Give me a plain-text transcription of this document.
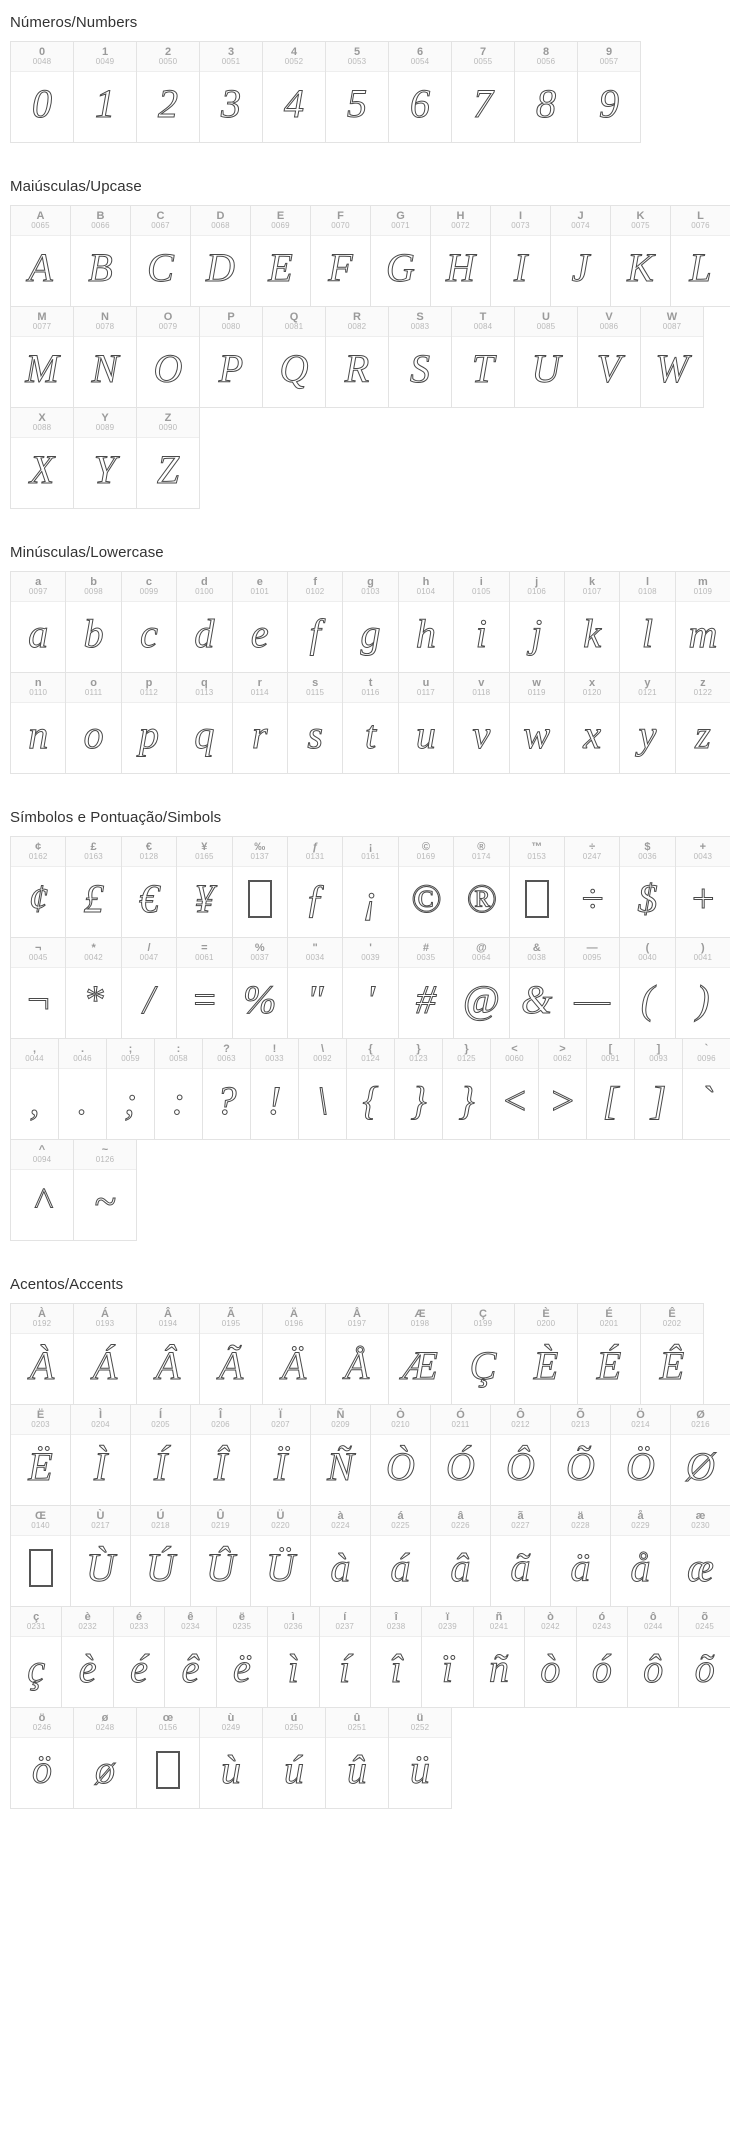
Números/Numbers
0
0048
0
1
0049
1
2
0050
2
3
0051
3
4
0052
4
5
0053
5
6
0054
6
7
0055
7
8
0056
8
9
0057
9
Maiúsculas/Upcase
A
0065
A
B
0066
B
C
0067
C
D
0068
D
E
0069
E
F
0070
F
G
0071
G
H
0072
H
I
0073
I
J
0074
J
K
0075
K
L
0076
L
M
0077
M
N
0078
N
O
0079
O
P
0080
P
Q
0081
Q
R
0082
R
S
0083
S
T
0084
T
U
0085
U
V
0086
V
W
0087
W
X
0088
X
Y
0089
Y
Z
0090
Z
Minúsculas/Lowercase
a
0097
a
b
0098
b
c
0099
c
d
0100
d
e
0101
e
f
0102
f
g
0103
g
h
0104
h
i
0105
i
j
0106
j
k
0107
k
l
0108
l
m
0109
m
n
0110
n
o
0111
o
p
0112
p
q
0113
q
r
0114
r
s
0115
s
t
0116
t
u
0117
u
v
0118
v
w
0119
w
x
0120
x
y
0121
y
z
0122
z
Símbolos e Pontuação/Simbols
¢
0162
¢
£
0163
£
€
0128
€
¥
0165
¥
‰
0137
ƒ
0131
ƒ
¡
0161
¡
©
0169
©
®
0174
®
™
0153
÷
0247
÷
$
0036
$
+
0043
+
¬
0045
¬
*
0042
*
/
0047
/
=
0061
=
%
0037
%
"
0034
"
'
0039
'
#
0035
#
@
0064
@
&
0038
&
—
0095
—
(
0040
(
)
0041
)
,
0044
,
.
0046
.
;
0059
;
:
0058
:
?
0063
?
!
0033
!
\
0092
\
{
0124
{
}
0123
}
}
0125
}
<
0060
<
>
0062
>
[
0091
[
]
0093
]
`
0096
`
^
0094
^
~
0126
~
Acentos/Accents
À
0192
À
Á
0193
Á
Â
0194
Â
Ã
0195
Ã
Ä
0196
Ä
Å
0197
Å
Æ
0198
Æ
Ç
0199
Ç
È
0200
È
É
0201
É
Ê
0202
Ê
Ë
0203
Ë
Ì
0204
Ì
Í
0205
Í
Î
0206
Î
Ï
0207
Ï
Ñ
0209
Ñ
Ò
0210
Ò
Ó
0211
Ó
Ô
0212
Ô
Õ
0213
Õ
Ö
0214
Ö
Ø
0216
Ø
Œ
0140
Ù
0217
Ù
Ú
0218
Ú
Û
0219
Û
Ü
0220
Ü
à
0224
à
á
0225
á
â
0226
â
ã
0227
ã
ä
0228
ä
å
0229
å
æ
0230
æ
ç
0231
ç
è
0232
è
é
0233
é
ê
0234
ê
ë
0235
ë
ì
0236
ì
í
0237
í
î
0238
î
ï
0239
ï
ñ
0241
ñ
ò
0242
ò
ó
0243
ó
ô
0244
ô
õ
0245
õ
ö
0246
ö
ø
0248
ø
œ
0156
ù
0249
ù
ú
0250
ú
û
0251
û
ü
0252
ü
